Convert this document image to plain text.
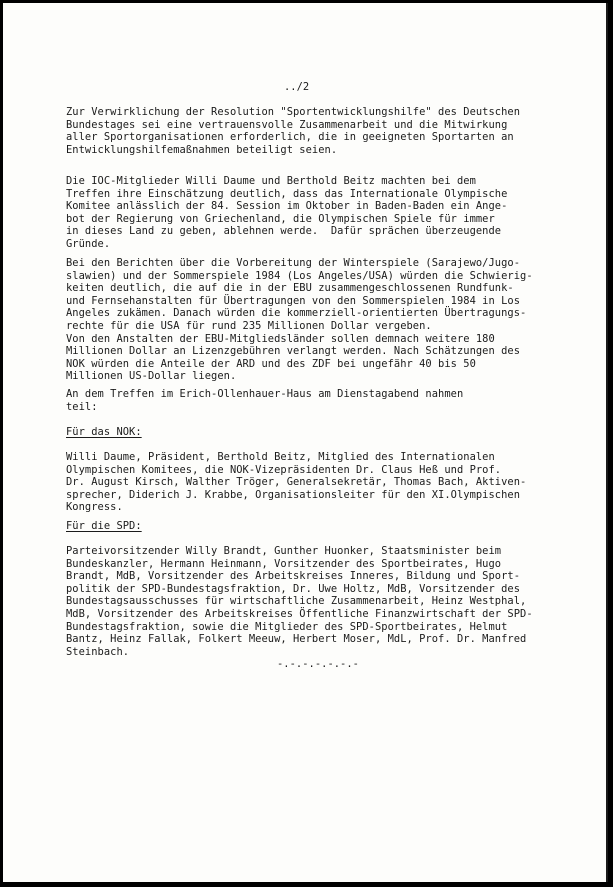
../2

Zur Verwirklichung der Resolution "Sportentwicklungshilfe" des Deutschen
Bundestages sei eine vertrauensvolle Zusammenarbeit und die Mitwirkung
aller Sportorganisationen erforderlich, die in geeigneten Sportarten an
Entwicklungshilfemaßnahmen beteiligt seien.

Die IOC-Mitglieder Willi Daume und Berthold Beitz machten bei dem
Treffen ihre Einschätzung deutlich, dass das Internationale Olympische
Komitee anlässlich der 84. Session im Oktober in Baden-Baden ein Ange-
bot der Regierung von Griechenland, die Olympischen Spiele für immer
in dieses Land zu geben, ablehnen werde.  Dafür sprächen überzeugende
Gründe.

Bei den Berichten über die Vorbereitung der Winterspiele (Sarajewo/Jugo-
slawien) und der Sommerspiele 1984 (Los Angeles/USA) würden die Schwierig-
keiten deutlich, die auf die in der EBU zusammengeschlossenen Rundfunk-
und Fernsehanstalten für Übertragungen von den Sommerspielen 1984 in Los
Angeles zukämen. Danach würden die kommerziell-orientierten Übertragungs-
rechte für die USA für rund 235 Millionen Dollar vergeben.
Von den Anstalten der EBU-Mitgliedsländer sollen demnach weitere 180
Millionen Dollar an Lizenzgebühren verlangt werden. Nach Schätzungen des
NOK würden die Anteile der ARD und des ZDF bei ungefähr 40 bis 50
Millionen US-Dollar liegen.

An dem Treffen im Erich-Ollenhauer-Haus am Dienstagabend nahmen
teil:

Für das NOK:

Willi Daume, Präsident, Berthold Beitz, Mitglied des Internationalen
Olympischen Komitees, die NOK-Vizepräsidenten Dr. Claus Heß und Prof.
Dr. August Kirsch, Walther Tröger, Generalsekretär, Thomas Bach, Aktiven-
sprecher, Diderich J. Krabbe, Organisationsleiter für den XI.Olympischen
Kongress.

Für die SPD:

Parteivorsitzender Willy Brandt, Gunther Huonker, Staatsminister beim
Bundeskanzler, Hermann Heinmann, Vorsitzender des Sportbeirates, Hugo
Brandt, MdB, Vorsitzender des Arbeitskreises Inneres, Bildung und Sport-
politik der SPD-Bundestagsfraktion, Dr. Uwe Holtz, MdB, Vorsitzender des
Bundestagsausschusses für wirtschaftliche Zusammenarbeit, Heinz Westphal,
MdB, Vorsitzender des Arbeitskreises Öffentliche Finanzwirtschaft der SPD-
Bundestagsfraktion, sowie die Mitglieder des SPD-Sportbeirates, Helmut
Bantz, Heinz Fallak, Folkert Meeuw, Herbert Moser, MdL, Prof. Dr. Manfred
Steinbach.

-.-.-.-.-.-.-
